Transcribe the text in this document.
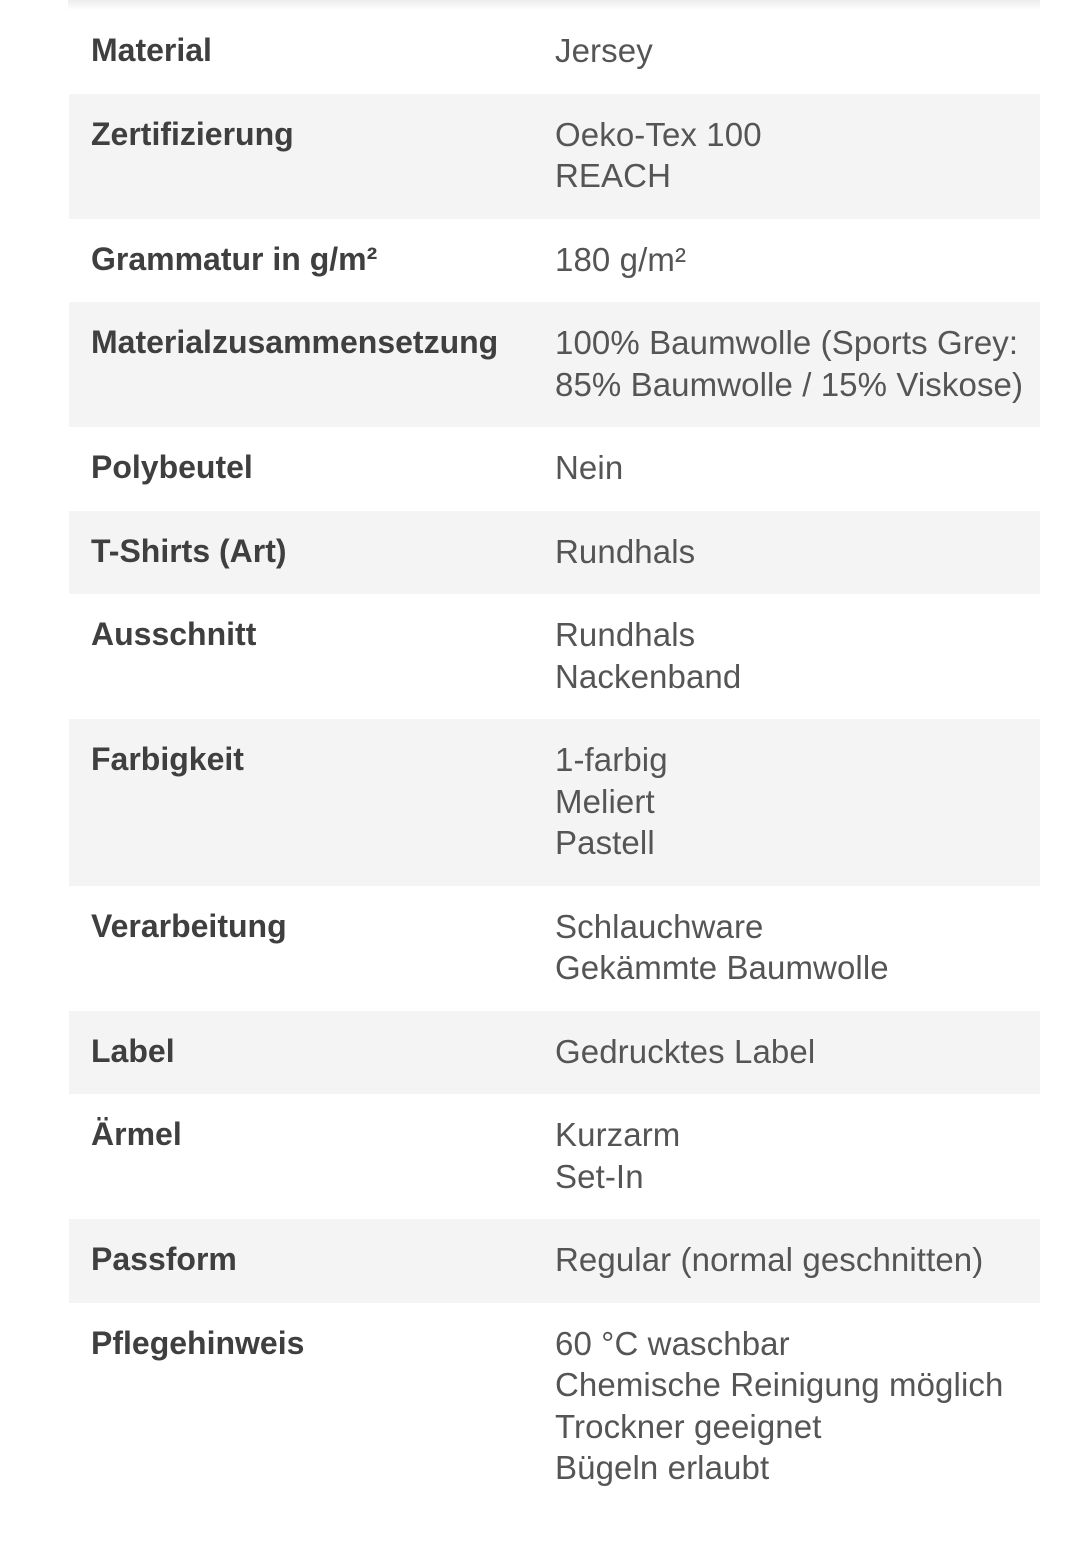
Material	Jersey
Zertifizierung	Oeko-Tex 100
REACH
Grammatur in g/m²	180 g/m²
Materialzusammensetzung	100% Baumwolle (Sports Grey: 85% Baumwolle / 15% Viskose)
Polybeutel	Nein
T-Shirts (Art)	Rundhals
Ausschnitt	Rundhals
Nackenband
Farbigkeit	1-farbig
Meliert
Pastell
Verarbeitung	Schlauchware
Gekämmte Baumwolle
Label	Gedrucktes Label
Ärmel	Kurzarm
Set-In
Passform	Regular (normal geschnitten)
Pflegehinweis	60 °C waschbar
Chemische Reinigung möglich
Trockner geeignet
Bügeln erlaubt
